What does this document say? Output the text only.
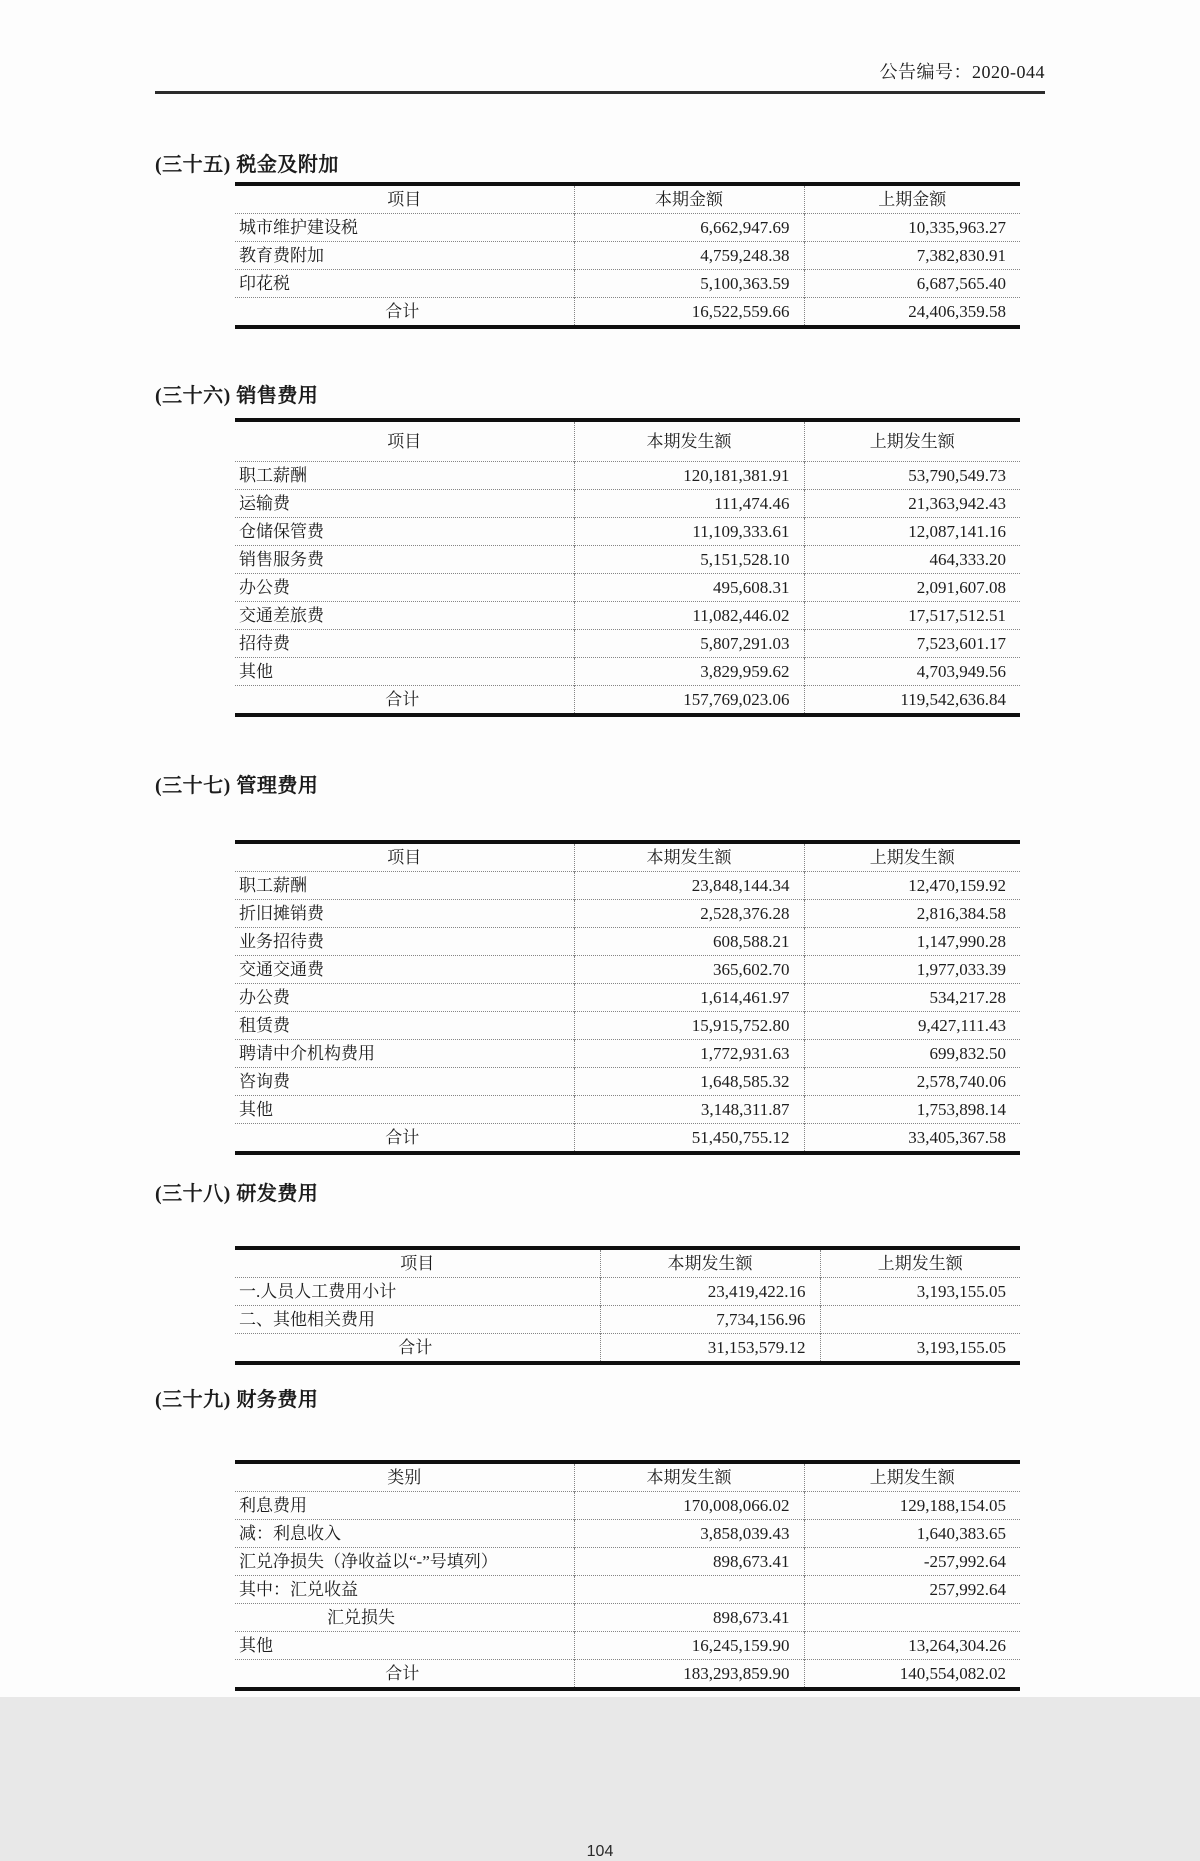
公告编号：2020-044
(三十五) 税金及附加
项目	本期金额	上期金额
城市维护建设税	6,662,947.69	10,335,963.27
教育费附加	4,759,248.38	7,382,830.91
印花税	5,100,363.59	6,687,565.40
合计	16,522,559.66	24,406,359.58
(三十六) 销售费用
项目	本期发生额	上期发生额
职工薪酬	120,181,381.91	53,790,549.73
运输费	111,474.46	21,363,942.43
仓储保管费	11,109,333.61	12,087,141.16
销售服务费	5,151,528.10	464,333.20
办公费	495,608.31	2,091,607.08
交通差旅费	11,082,446.02	17,517,512.51
招待费	5,807,291.03	7,523,601.17
其他	3,829,959.62	4,703,949.56
合计	157,769,023.06	119,542,636.84
(三十七) 管理费用
项目	本期发生额	上期发生额
职工薪酬	23,848,144.34	12,470,159.92
折旧摊销费	2,528,376.28	2,816,384.58
业务招待费	608,588.21	1,147,990.28
交通交通费	365,602.70	1,977,033.39
办公费	1,614,461.97	534,217.28
租赁费	15,915,752.80	9,427,111.43
聘请中介机构费用	1,772,931.63	699,832.50
咨询费	1,648,585.32	2,578,740.06
其他	3,148,311.87	1,753,898.14
合计	51,450,755.12	33,405,367.58
(三十八) 研发费用
项目	本期发生额	上期发生额
一.人员人工费用小计	23,419,422.16	3,193,155.05
二、其他相关费用	7,734,156.96	
合计	31,153,579.12	3,193,155.05
(三十九) 财务费用
类别	本期发生额	上期发生额
利息费用	170,008,066.02	129,188,154.05
减：利息收入	3,858,039.43	1,640,383.65
汇兑净损失（净收益以“-”号填列）	898,673.41	-257,992.64
其中：汇兑收益		257,992.64
汇兑损失	898,673.41	
其他	16,245,159.90	13,264,304.26
合计	183,293,859.90	140,554,082.02
104
